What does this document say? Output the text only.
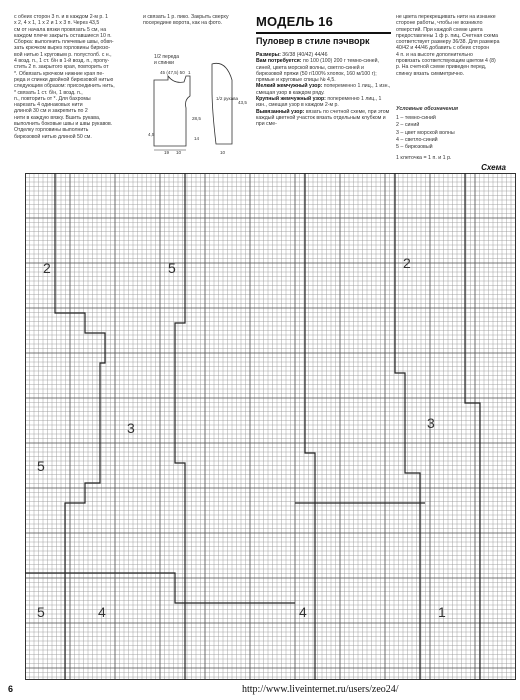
с обеих сторон 3 п. и в каждом 2-м р. 1

х 2, 4 х 1, 1 х 2 и 1 х 3 п. Через 43,5

см от начала вязки провязать 5 см, на

каждом плече закрыть оставшиеся 10 п.

Сборка: выполнить плечевые швы, обвя-

зать крючком вырез горловины бирюзо-

вой нитью 1 круговым р. полустолб. с н.,

4 возд. п., 1 ст. б/н в 1-й возд. п., пропу-

стить 2 п. закрытого края, повторить от

*. Обвязать крючком нижние края пе-

реда и спинки двойной бирюзовой нитью

следующим образом: присоединить нить,

* связать 1 ст. б/н, 1 возд. п.,

п., повторить от *. Для бахромы

нарезать 4 одинаковых нити

длиной 30 см и закрепить по 2

нити в каждую вязку. Вшить рукава,

выполнить боковые швы и швы рукавов.

Отделку горловины выполнить

бирюзовой нитью длиной 50 см.

и связать 1 р. пико. Закрыть сверху

посередине ворота, как на фото.

1/2 переда
и спинки
45 (47,5) 50 1
1/2 рукава
43,5
28,5
10
19
4,5
14
10
МОДЕЛЬ 16
Пуловер в стиле пэчворк

Размеры: 36/38 (40/42) 44/46

Вам потребуется: по 100 (100) 200 г темно-синей, синей, цвета морской волны, светло-синей и бирюзовой пряжи (50 г/100% хлопок, 160 м/100 г); прямые и круговые спицы № 4,5.

Мелкий жемчужный узор: попеременно 1 лиц., 1 изн., смещая узор в каждом ряду.

Крупный жемчужный узор: попеременно 1 лиц., 1 изн., смещая узор в каждом 2-м р.

Вывязанный узор: вязать по счетной схеме, при этом каждый цветной участок вязать отдельным клубком и при сме-

не цвета перекрещивать нити на изнанке

стороне работы, чтобы не возникло

отверстий. При каждой схеме цвета

предоставлены 1 ф р. пиц. Счетная схема

соответствует размеру 36/38. Для размера

40/42 и 44/46 добавить с обеих сторон

4 п. и на высоте дополнительно

провязать соответствующим цветом 4 (8)

р. На счетной схеме приведен перед,

спинку вязать симметрично.

Условные обозначения
1 – темно-синий
2 – синий
3 – цвет морской волны
4 – светло-синий
5 – бирюзовый
1 клеточка = 1 п. и 1 р.
Схема
2	5	2
3
5
3
4
5	4	1
6	http://www.liveinternet.ru/users/zeo24/
